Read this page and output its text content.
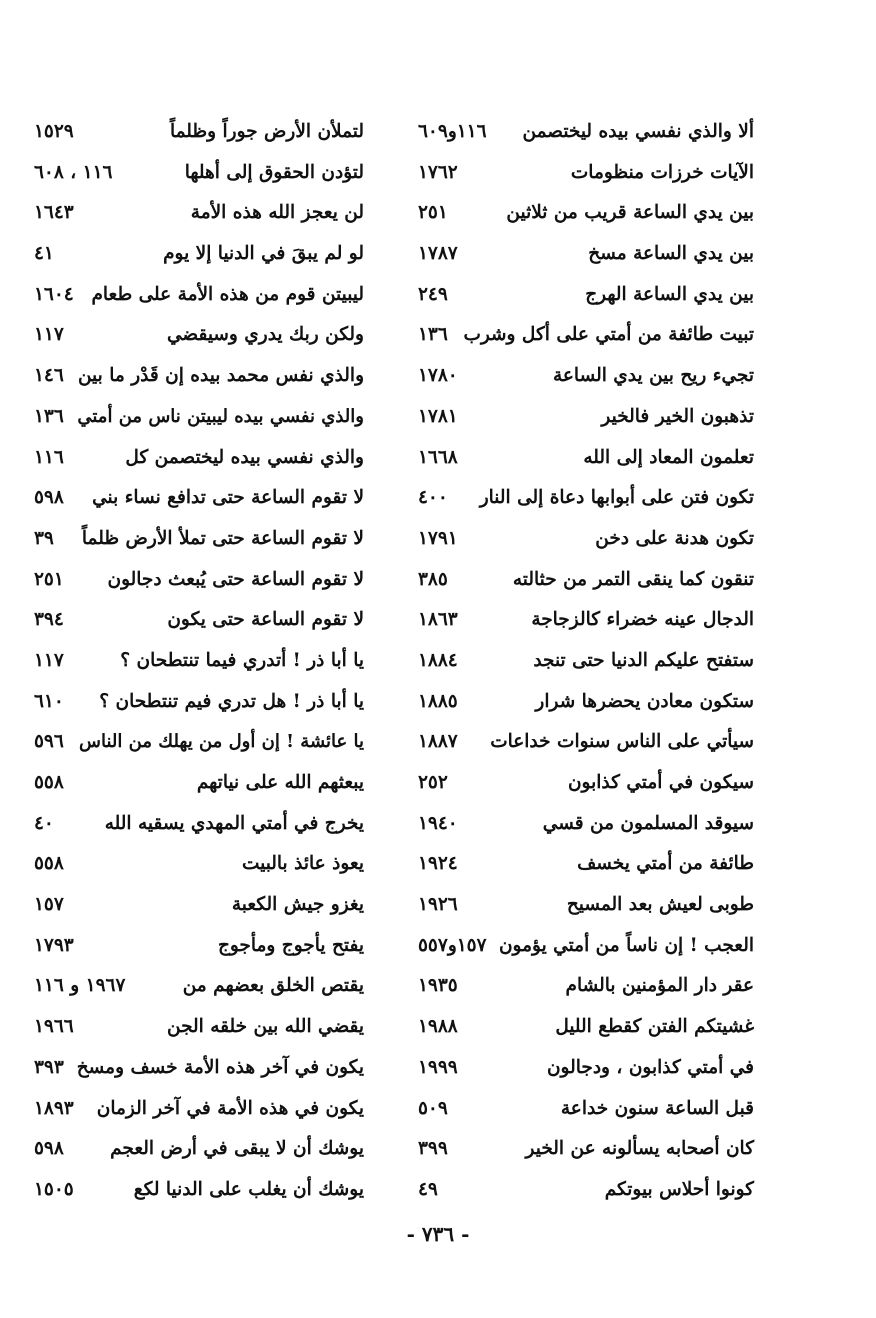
ألا والذي نفسي بيده ليختصمن
١١٦و٦٠٩
الآيات خرزات منظومات
١٧٦٢
بين يدي الساعة قريب من ثلاثين
٢٥١
بين يدي الساعة مسخ
١٧٨٧
بين يدي الساعة الهرج
٢٤٩
تبيت طائفة من أمتي على أكل وشرب
١٣٦
تجيء ريح بين يدي الساعة
١٧٨٠
تذهبون الخير فالخير
١٧٨١
تعلمون المعاد إلى الله
١٦٦٨
تكون فتن على أبوابها دعاة إلى النار
٤٠٠
تكون هدنة على دخن
١٧٩١
تنقون كما ينقى التمر من حثالته
٣٨٥
الدجال عينه خضراء كالزجاجة
١٨٦٣
ستفتح عليكم الدنيا حتى تنجد
١٨٨٤
ستكون معادن يحضرها شرار
١٨٨٥
سيأتي على الناس سنوات خداعات
١٨٨٧
سيكون في أمتي كذابون
٢٥٢
سيوقد المسلمون من قسي
١٩٤٠
طائفة من أمتي يخسف
١٩٢٤
طوبى لعيش بعد المسيح
١٩٢٦
العجب ! إن ناساً من أمتي يؤمون
١٥٧و٥٥٧
عقر دار المؤمنين بالشام
١٩٣٥
غشيتكم الفتن كقطع الليل
١٩٨٨
في أمتي كذابون ، ودجالون
١٩٩٩
قبل الساعة سنون خداعة
٥٠٩
كان أصحابه يسألونه عن الخير
٣٩٩
كونوا أحلاس بيوتكم
٤٩
لتملأن الأرض جوراً وظلماً
١٥٢٩
لتؤدن الحقوق إلى أهلها
١١٦ ، ٦٠٨
لن يعجز الله هذه الأمة
١٦٤٣
لو لم يبقَ في الدنيا إلا يوم
٤١
ليبيتن قوم من هذه الأمة على طعام
١٦٠٤
ولكن ربك يدري وسيقضي
١١٧
والذي نفس محمد بيده إن قَدْر ما بين
١٤٦
والذي نفسي بيده ليبيتن ناس من أمتي
١٣٦
والذي نفسي بيده ليختصمن كل
١١٦
لا تقوم الساعة حتى تدافع نساء بني
٥٩٨
لا تقوم الساعة حتى تملأ الأرض ظلماً
٣٩
لا تقوم الساعة حتى يُبعث دجالون
٢٥١
لا تقوم الساعة حتى يكون
٣٩٤
يا أبا ذر ! أتدري فيما تنتطحان ؟
١١٧
يا أبا ذر ! هل تدري فيم تنتطحان ؟
٦١٠
يا عائشة ! إن أول من يهلك من الناس
٥٩٦
يبعثهم الله على نياتهم
٥٥٨
يخرج في أمتي المهدي يسقيه الله
٤٠
يعوذ عائذ بالبيت
٥٥٨
يغزو جيش الكعبة
١٥٧
يفتح يأجوج ومأجوج
١٧٩٣
يقتص الخلق بعضهم من
١٩٦٧ و ١١٦
يقضي الله بين خلقه الجن
١٩٦٦
يكون في آخر هذه الأمة خسف ومسخ
٣٩٣
يكون في هذه الأمة في آخر الزمان
١٨٩٣
يوشك أن لا يبقى في أرض العجم
٥٩٨
يوشك أن يغلب على الدنيا لكع
١٥٠٥
- ٧٣٦ -
